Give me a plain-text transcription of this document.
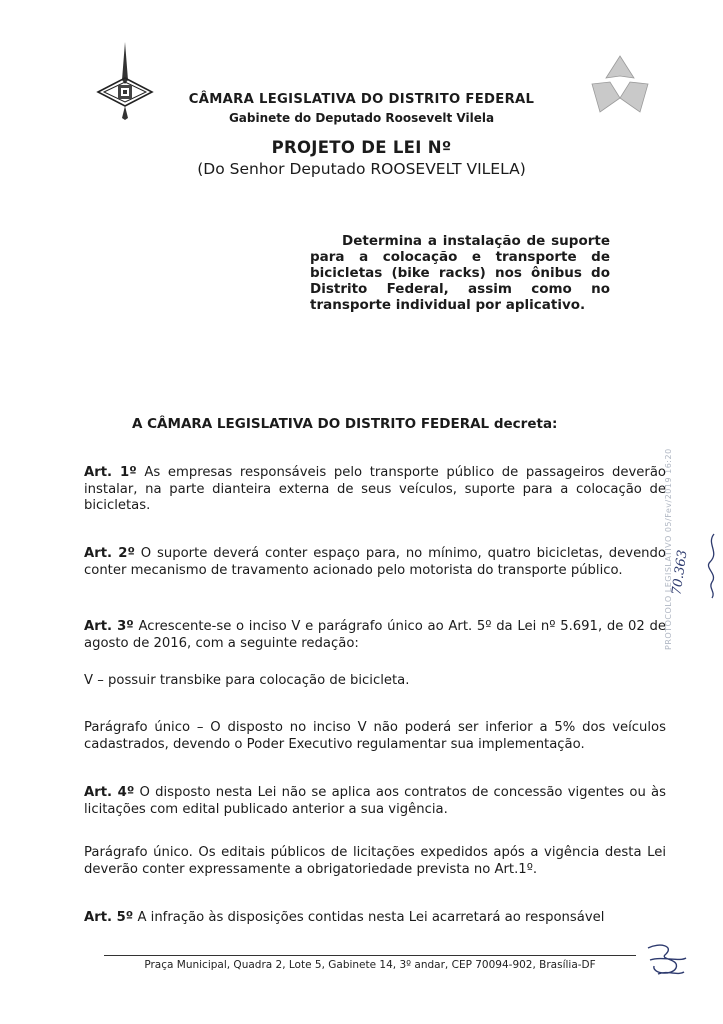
CÂMARA LEGISLATIVA DO DISTRITO FEDERAL
Gabinete do Deputado Roosevelt Vilela
PROJETO DE LEI Nº
(Do Senhor Deputado ROOSEVELT VILELA)
Determina a instalação de suporte para a colocação e transporte de bicicletas (bike racks) nos ônibus do Distrito Federal, assim como no transporte individual por aplicativo.
A CÂMARA LEGISLATIVA DO DISTRITO FEDERAL decreta:
Art. 1º As empresas responsáveis pelo transporte público de passageiros deverão instalar, na parte dianteira externa de seus veículos, suporte para a colocação de bicicletas.
Art. 2º O suporte deverá conter espaço para, no mínimo, quatro bicicletas, devendo conter mecanismo de travamento acionado pelo motorista do transporte público.
Art. 3º Acrescente-se o inciso V e parágrafo único ao Art. 5º da Lei nº 5.691, de 02 de agosto de 2016, com a seguinte redação:
V – possuir transbike para colocação de bicicleta.
Parágrafo único – O disposto no inciso V não poderá ser inferior a 5% dos veículos cadastrados, devendo o Poder Executivo regulamentar sua implementação.
Art. 4º O disposto nesta Lei não se aplica aos contratos de concessão vigentes ou às licitações com edital publicado anterior a sua vigência.
Parágrafo único. Os editais públicos de licitações expedidos após a vigência desta Lei deverão conter expressamente a obrigatoriedade prevista no Art.1º.
Art. 5º A infração às disposições contidas nesta Lei acarretará ao responsável
PROTOCOLO LEGISLATIVO 05/Fev/2019 16:20
70.363
Praça Municipal, Quadra 2, Lote 5, Gabinete 14, 3º andar, CEP 70094-902, Brasília-DF
